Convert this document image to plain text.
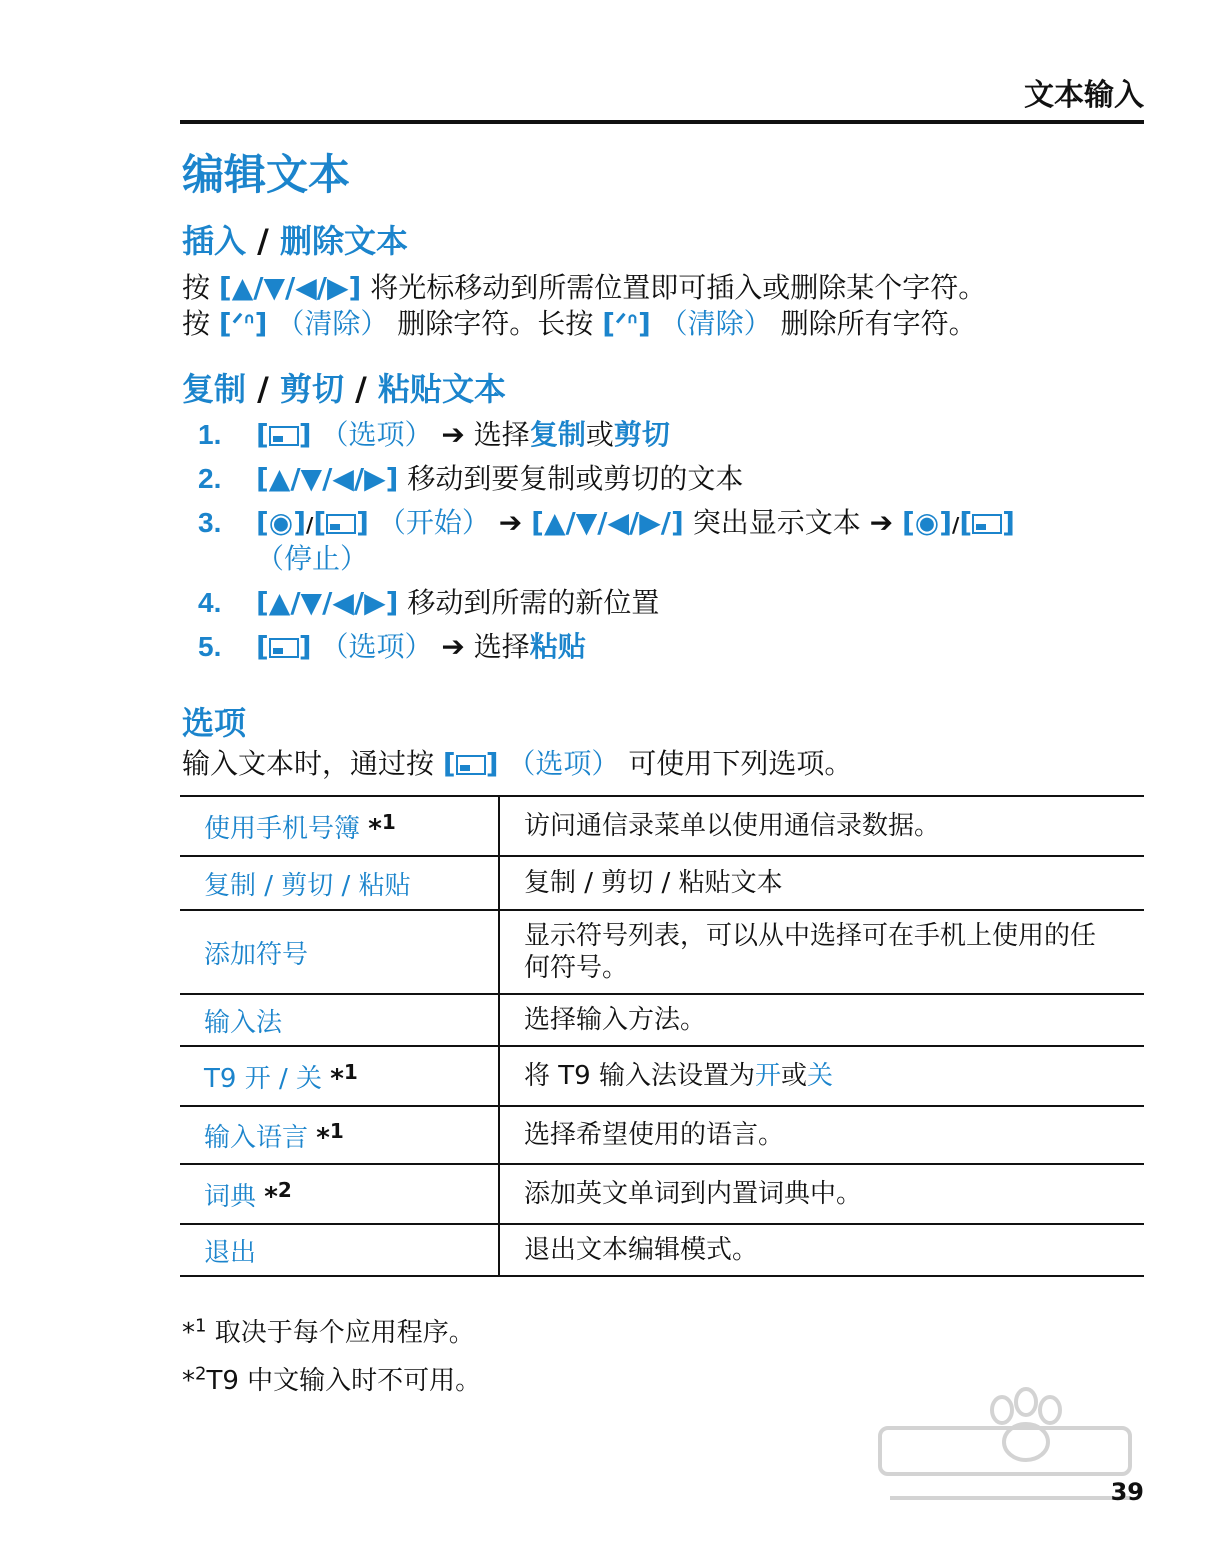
文本输入
编辑文本
插入 / 删除文本
按 [▲/▼/◀/▶] 将光标移动到所需位置即可插入或删除某个字符。
按 [ᐟᐢ] （清除） 删除字符。长按 [ᐟᐢ] （清除） 删除所有字符。
复制 / 剪切 / 粘贴文本
1. [ ] （选项） ➔ 选择复制或剪切
2. [▲/▼/◀/▶] 移动到要复制或剪切的文本
3. [◉]/[ ] （开始） ➔ [▲/▼/◀/▶/] 突出显示文本 ➔ [◉]/[ ]
（停止）
4. [▲/▼/◀/▶] 移动到所需的新位置
5. [ ] （选项） ➔ 选择粘贴
选项
输入文本时，通过按 [ ] （选项） 可使用下列选项。
使用手机号簿 *$^1$	访问通信录菜单以使用通信录数据。
复制 / 剪切 / 粘贴	复制 / 剪切 / 粘贴文本
添加符号	显示符号列表，可以从中选择可在手机上使用的任何符号。
输入法	选择输入方法。
T9 开 / 关 *$^1$	将 T9 输入法设置为开或关
输入语言 *$^1$	选择希望使用的语言。
词典 *$^2$	添加英文单词到内置词典中。
退出	退出文本编辑模式。
*$^1$ 取决于每个应用程序。
*$^2$T9 中文输入时不可用。
39
